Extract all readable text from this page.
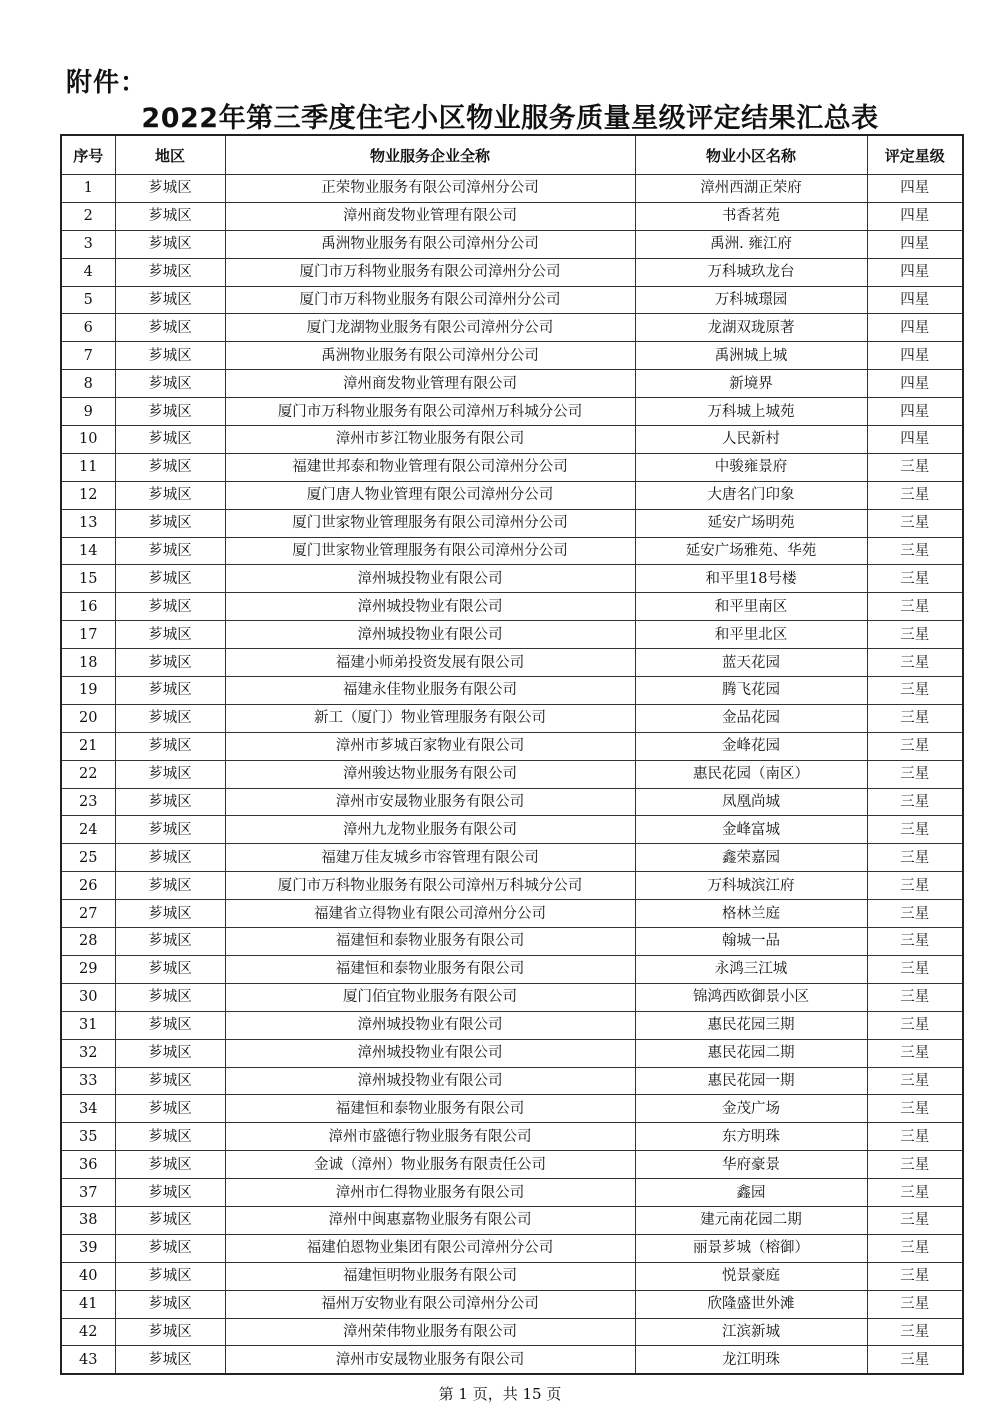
附件：
2022年第三季度住宅小区物业服务质量星级评定结果汇总表
序号	地区	物业服务企业全称	物业小区名称	评定星级
1	芗城区	正荣物业服务有限公司漳州分公司	漳州西湖正荣府	四星
2	芗城区	漳州商发物业管理有限公司	书香茗苑	四星
3	芗城区	禹洲物业服务有限公司漳州分公司	禹洲. 雍江府	四星
4	芗城区	厦门市万科物业服务有限公司漳州分公司	万科城玖龙台	四星
5	芗城区	厦门市万科物业服务有限公司漳州分公司	万科城璟园	四星
6	芗城区	厦门龙湖物业服务有限公司漳州分公司	龙湖双珑原著	四星
7	芗城区	禹洲物业服务有限公司漳州分公司	禹洲城上城	四星
8	芗城区	漳州商发物业管理有限公司	新境界	四星
9	芗城区	厦门市万科物业服务有限公司漳州万科城分公司	万科城上城苑	四星
10	芗城区	漳州市芗江物业服务有限公司	人民新村	四星
11	芗城区	福建世邦泰和物业管理有限公司漳州分公司	中骏雍景府	三星
12	芗城区	厦门唐人物业管理有限公司漳州分公司	大唐名门印象	三星
13	芗城区	厦门世家物业管理服务有限公司漳州分公司	延安广场明苑	三星
14	芗城区	厦门世家物业管理服务有限公司漳州分公司	延安广场雅苑、华苑	三星
15	芗城区	漳州城投物业有限公司	和平里18号楼	三星
16	芗城区	漳州城投物业有限公司	和平里南区	三星
17	芗城区	漳州城投物业有限公司	和平里北区	三星
18	芗城区	福建小师弟投资发展有限公司	蓝天花园	三星
19	芗城区	福建永佳物业服务有限公司	腾飞花园	三星
20	芗城区	新工（厦门）物业管理服务有限公司	金品花园	三星
21	芗城区	漳州市芗城百家物业有限公司	金峰花园	三星
22	芗城区	漳州骏达物业服务有限公司	惠民花园（南区）	三星
23	芗城区	漳州市安晟物业服务有限公司	凤凰尚城	三星
24	芗城区	漳州九龙物业服务有限公司	金峰富城	三星
25	芗城区	福建万佳友城乡市容管理有限公司	鑫荣嘉园	三星
26	芗城区	厦门市万科物业服务有限公司漳州万科城分公司	万科城滨江府	三星
27	芗城区	福建省立得物业有限公司漳州分公司	格林兰庭	三星
28	芗城区	福建恒和泰物业服务有限公司	翰城一品	三星
29	芗城区	福建恒和泰物业服务有限公司	永鸿三江城	三星
30	芗城区	厦门佰宜物业服务有限公司	锦鸿西欧御景小区	三星
31	芗城区	漳州城投物业有限公司	惠民花园三期	三星
32	芗城区	漳州城投物业有限公司	惠民花园二期	三星
33	芗城区	漳州城投物业有限公司	惠民花园一期	三星
34	芗城区	福建恒和泰物业服务有限公司	金茂广场	三星
35	芗城区	漳州市盛德行物业服务有限公司	东方明珠	三星
36	芗城区	金诚（漳州）物业服务有限责任公司	华府豪景	三星
37	芗城区	漳州市仁得物业服务有限公司	鑫园	三星
38	芗城区	漳州中闽惠嘉物业服务有限公司	建元南花园二期	三星
39	芗城区	福建伯恩物业集团有限公司漳州分公司	丽景芗城（榕御）	三星
40	芗城区	福建恒明物业服务有限公司	悦景豪庭	三星
41	芗城区	福州万安物业有限公司漳州分公司	欣隆盛世外滩	三星
42	芗城区	漳州荣伟物业服务有限公司	江滨新城	三星
43	芗城区	漳州市安晟物业服务有限公司	龙江明珠	三星
第 1 页，共 15 页
